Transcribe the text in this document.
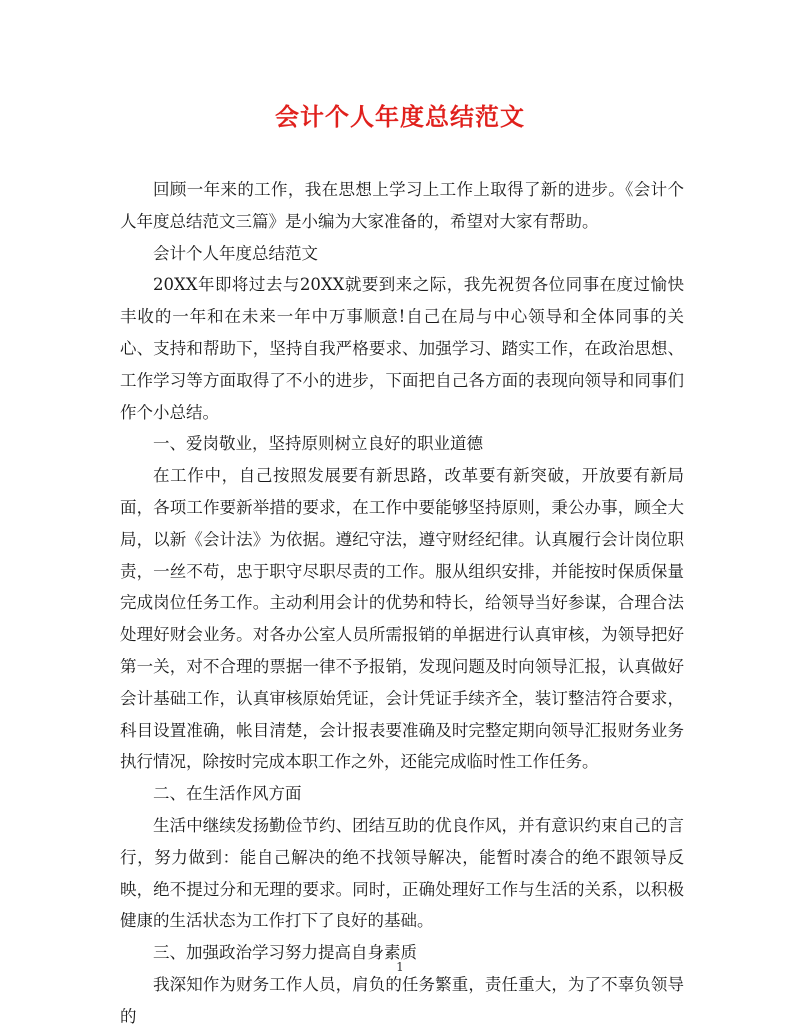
会计个人年度总结范文

回顾一年来的工作，我在思想上学习上工作上取得了新的进步。《会计个人年度总结范文三篇》是小编为大家准备的，希望对大家有帮助。

会计个人年度总结范文

20XX年即将过去与20XX就要到来之际，我先祝贺各位同事在度过愉快丰收的一年和在未来一年中万事顺意!自己在局与中心领导和全体同事的关心、支持和帮助下，坚持自我严格要求、加强学习、踏实工作，在政治思想、工作学习等方面取得了不小的进步，下面把自己各方面的表现向领导和同事们作个小总结。

一、爱岗敬业，坚持原则树立良好的职业道德

在工作中，自己按照发展要有新思路，改革要有新突破，开放要有新局面，各项工作要新举措的要求，在工作中要能够坚持原则，秉公办事，顾全大局，以新《会计法》为依据。遵纪守法，遵守财经纪律。认真履行会计岗位职责，一丝不苟，忠于职守尽职尽责的工作。服从组织安排，并能按时保质保量完成岗位任务工作。主动利用会计的优势和特长，给领导当好参谋，合理合法处理好财会业务。对各办公室人员所需报销的单据进行认真审核，为领导把好第一关，对不合理的票据一律不予报销，发现问题及时向领导汇报，认真做好会计基础工作，认真审核原始凭证，会计凭证手续齐全，装订整洁符合要求，科目设置准确，帐目清楚，会计报表要准确及时完整定期向领导汇报财务业务执行情况，除按时完成本职工作之外，还能完成临时性工作任务。

二、在生活作风方面

生活中继续发扬勤俭节约、团结互助的优良作风，并有意识约束自己的言行，努力做到：能自己解决的绝不找领导解决，能暂时凑合的绝不跟领导反映，绝不提过分和无理的要求。同时，正确处理好工作与生活的关系，以积极健康的生活状态为工作打下了良好的基础。

三、加强政治学习努力提高自身素质

我深知作为财务工作人员，肩负的任务繁重，责任重大，为了不辜负领导的

1
